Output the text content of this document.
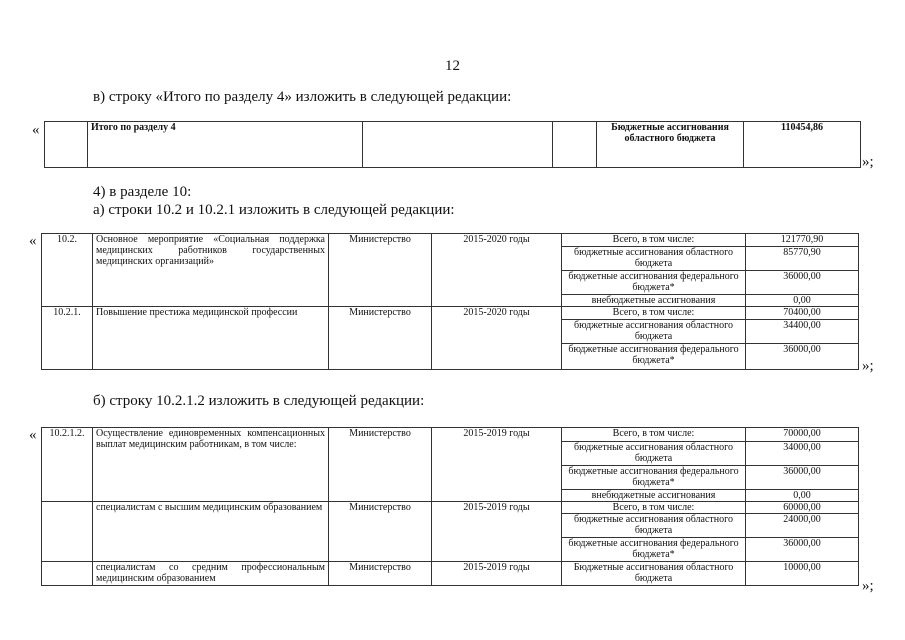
12
в) строку «Итого по разделу 4» изложить в следующей редакции:
«
		Итого по разделу 4			Бюджетные ассигнования областного бюджета	110454,86
»;
4) в разделе 10:
а) строки 10.2 и 10.2.1 изложить в следующей редакции:
« 10.2.	Основное мероприятие «Социальная поддержка медицинских работников государственных медицинских организаций»	Министерство	2015-2020 годы	Всего, в том числе:	121770,90
				бюджетные ассигнования областного бюджета	85770,90
				бюджетные ассигнования федерального бюджета*	36000,00
				внебюджетные ассигнования	0,00
10.2.1.	Повышение престижа медицинской профессии	Министерство	2015-2020 годы	Всего, в том числе:	70400,00
				бюджетные ассигнования областного бюджета	34400,00
				бюджетные ассигнования федерального бюджета*	36000,00
»;
б) строку 10.2.1.2 изложить в следующей редакции:
« 10.2.1.2.	Осуществление единовременных компенсационных выплат медицинским работникам, в том числе:	Министерство	2015-2019 годы	Всего, в том числе:	70000,00
				бюджетные ассигнования областного бюджета	34000,00
				бюджетные ассигнования федерального бюджета*	36000,00
				внебюджетные ассигнования	0,00
	специалистам с высшим медицинским образованием	Министерство	2015-2019 годы	Всего, в том числе:	60000,00
				бюджетные ассигнования областного бюджета	24000,00
				бюджетные ассигнования федерального бюджета*	36000,00
	специалистам со средним профессиональным медицинским образованием	Министерство	2015-2019 годы	Бюджетные ассигнования областного бюджета	10000,00
»;
